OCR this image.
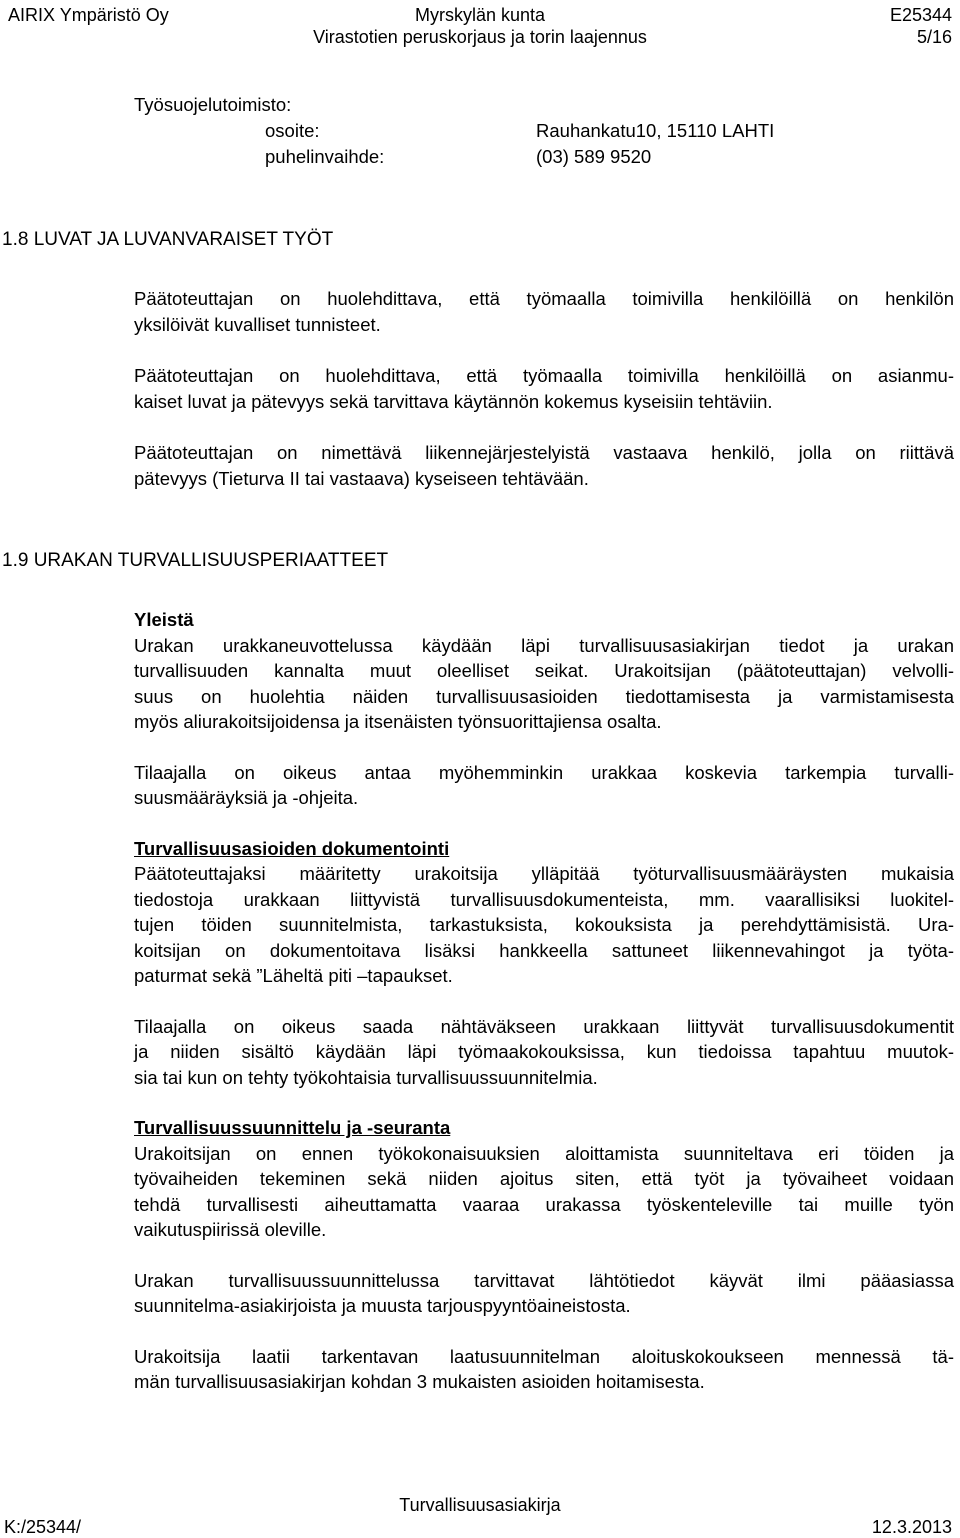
AIRIX Ympäristö Oy	Myrskylän kunta	E25344
Virastotien peruskorjaus ja torin laajennus	5/16
Työsuojelutoimisto:
osoite:	Rauhankatu10, 15110 LAHTI
puhelinvaihde:	(03) 589 9520
1.8 LUVAT JA LUVANVARAISET TYÖT

Päätoteuttajan on huolehdittava, että työmaalla toimivilla henkilöillä on henkilön
yksilöivät kuvalliset tunnisteet.

Päätoteuttajan on huolehdittava, että työmaalla toimivilla henkilöillä on asianmu-
kaiset luvat ja pätevyys sekä tarvittava käytännön kokemus kyseisiin tehtäviin.

Päätoteuttajan on nimettävä liikennejärjestelyistä vastaava henkilö, jolla on riittävä
pätevyys (Tieturva II tai vastaava) kyseiseen tehtävään.

1.9 URAKAN TURVALLISUUSPERIAATTEET

Yleistä

Urakan urakkaneuvottelussa käydään läpi turvallisuusasiakirjan tiedot ja urakan
turvallisuuden kannalta muut oleelliset seikat. Urakoitsijan (päätoteuttajan) velvolli-
suus on huolehtia näiden turvallisuusasioiden tiedottamisesta ja varmistamisesta
myös aliurakoitsijoidensa ja itsenäisten työnsuorittajiensa osalta.

Tilaajalla on oikeus antaa myöhemminkin urakkaa koskevia tarkempia turvalli-
suusmääräyksiä ja -ohjeita.

Turvallisuusasioiden dokumentointi

Päätoteuttajaksi määritetty urakoitsija ylläpitää työturvallisuusmääräysten mukaisia
tiedostoja urakkaan liittyvistä turvallisuusdokumenteista, mm. vaarallisiksi luokitel-
tujen töiden suunnitelmista, tarkastuksista, kokouksista ja perehdyttämisistä. Ura-
koitsijan on dokumentoitava lisäksi hankkeella sattuneet liikennevahingot ja työta-
paturmat sekä ”Läheltä piti –tapaukset.

Tilaajalla on oikeus saada nähtäväkseen urakkaan liittyvät turvallisuusdokumentit
ja niiden sisältö käydään läpi työmaakokouksissa, kun tiedoissa tapahtuu muutok-
sia tai kun on tehty työkohtaisia turvallisuussuunnitelmia.

Turvallisuussuunnittelu ja -seuranta

Urakoitsijan on ennen työkokonaisuuksien aloittamista suunniteltava eri töiden ja
työvaiheiden tekeminen sekä niiden ajoitus siten, että työt ja työvaiheet voidaan
tehdä turvallisesti aiheuttamatta vaaraa urakassa työskenteleville tai muille työn
vaikutuspiirissä oleville.

Urakan turvallisuussuunnittelussa tarvittavat lähtötiedot käyvät ilmi pääasiassa
suunnitelma-asiakirjoista ja muusta tarjouspyyntöaineistosta.

Urakoitsija laatii tarkentavan laatusuunnitelman aloituskokoukseen mennessä tä-
män turvallisuusasiakirjan kohdan 3 mukaisten asioiden hoitamisesta.

Turvallisuusasiakirja
K:/25344/	12.3.2013
